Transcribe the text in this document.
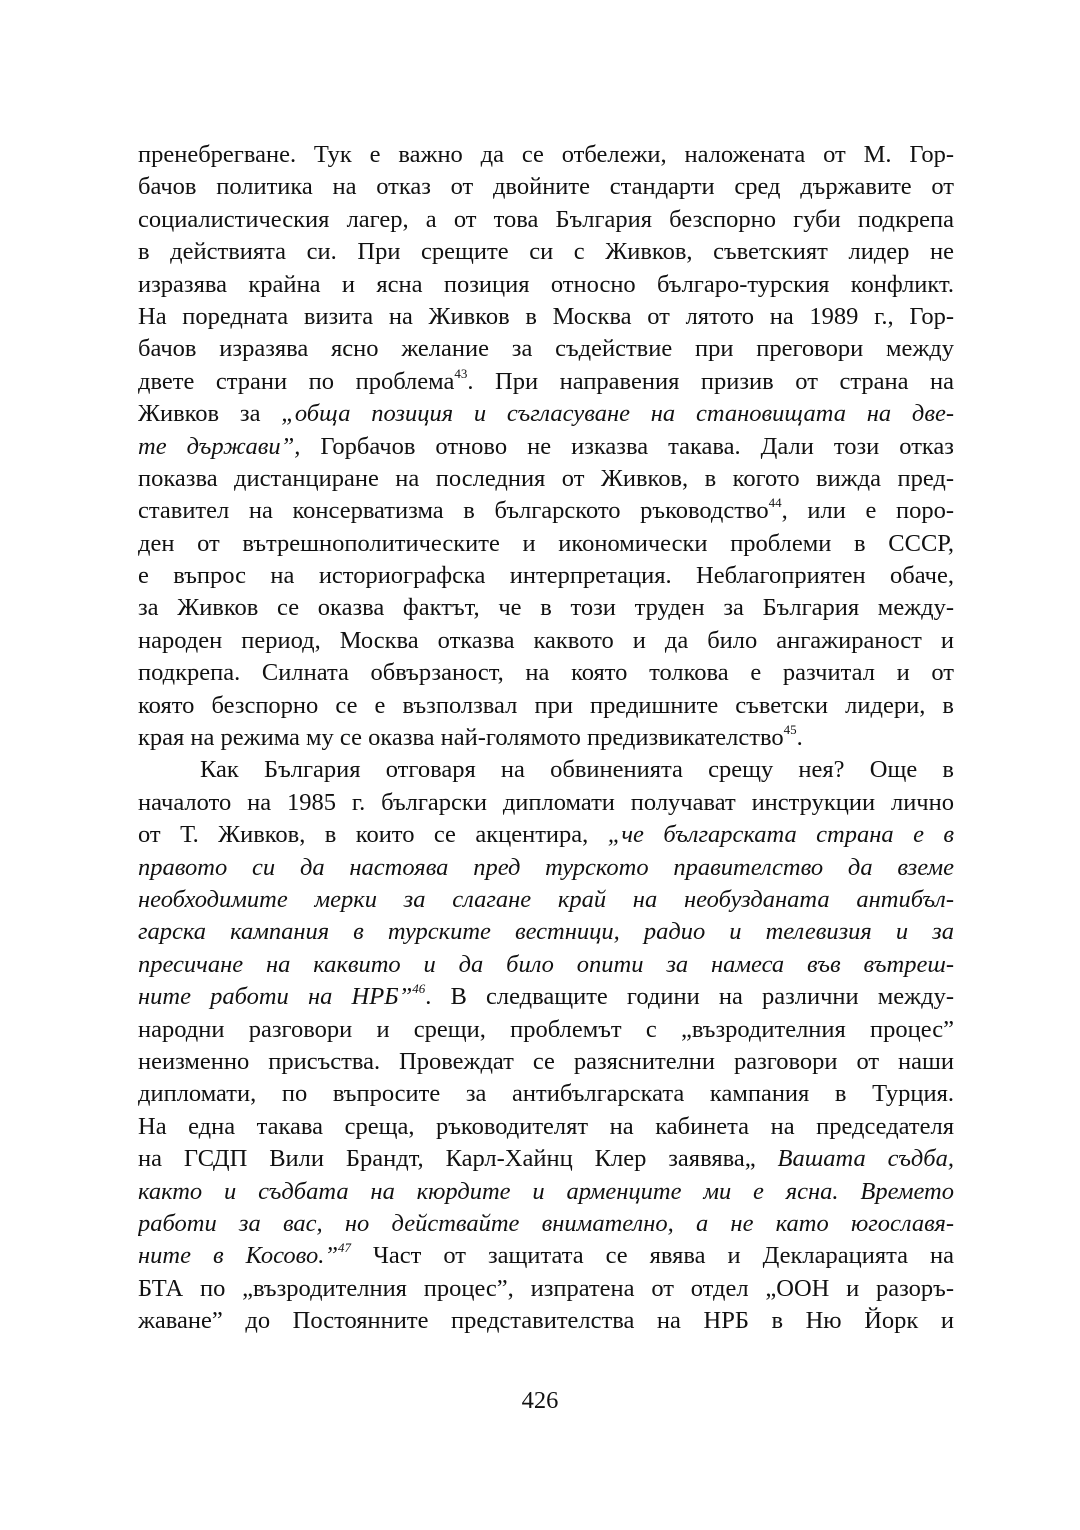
пренебрегване. Тук е важно да се отбележи, наложената от М. Гор-
бачов политика на отказ от двойните стандарти сред държавите от
социалистическия лагер, а от това България безспорно губи подкрепа
в действията си. При срещите си с Живков, съветският лидер не
изразява крайна и ясна позиция относно българо-турския конфликт.
На поредната визита на Живков в Москва от лятото на 1989 г., Гор-
бачов изразява ясно желание за съдействие при преговори между
двете страни по проблема$^{43}$. При направения призив от страна на
Живков за „обща позиция и съгласуване на становищата на две-
те държави”, Горбачов отново не изказва такава. Дали този отказ
показва дистанциране на последния от Живков, в когото вижда пред-
ставител на консерватизма в българското ръководство$^{44}$, или е поро-
ден от вътрешнополитическите и икономически проблеми в СССР,
е въпрос на историографска интерпретация. Неблагоприятен обаче,
за Живков се оказва фактът, че в този труден за България между-
народен период, Москва отказва каквото и да било ангажираност и
подкрепа. Силната обвързаност, на която толкова е разчитал и от
която безспорно се е възползвал при предишните съветски лидери, в
края на режима му се оказва най-голямото предизвикателство$^{45}$.
Как България отговаря на обвиненията срещу нея? Още в
началото на 1985 г. български дипломати получават инструкции лично
от Т. Живков, в които се акцентира, „че българската страна е в
правото си да настоява пред турското правителство да вземе
необходимите мерки за слагане край на необузданата антибъл-
гарска кампания в турските вестници, радио и телевизия и за
пресичане на каквито и да било опити за намеса във вътреш-
ните работи на НРБ”$^{46}$. В следващите години на различни между-
народни разговори и срещи, проблемът с „възродителния процес”
неизменно присъства. Провеждат се разяснителни разговори от наши
дипломати, по въпросите за антибългарската кампания в Турция.
На една такава среща, ръководителят на кабинета на председателя
на ГСДП Вили Брандт, Карл-Хайнц Клер заявява„ Вашата съдба,
както и съдбата на кюрдите и арменците ми е ясна. Времето
работи за вас, но действайте внимателно, а не като югославя-
ните в Косово.”$^{47}$ Част от защитата се явява и Декларацията на
БТА по „възродителния процес”, изпратена от отдел „ООН и разоръ-
жаване” до Постоянните представителства на НРБ в Ню Йорк и
426
